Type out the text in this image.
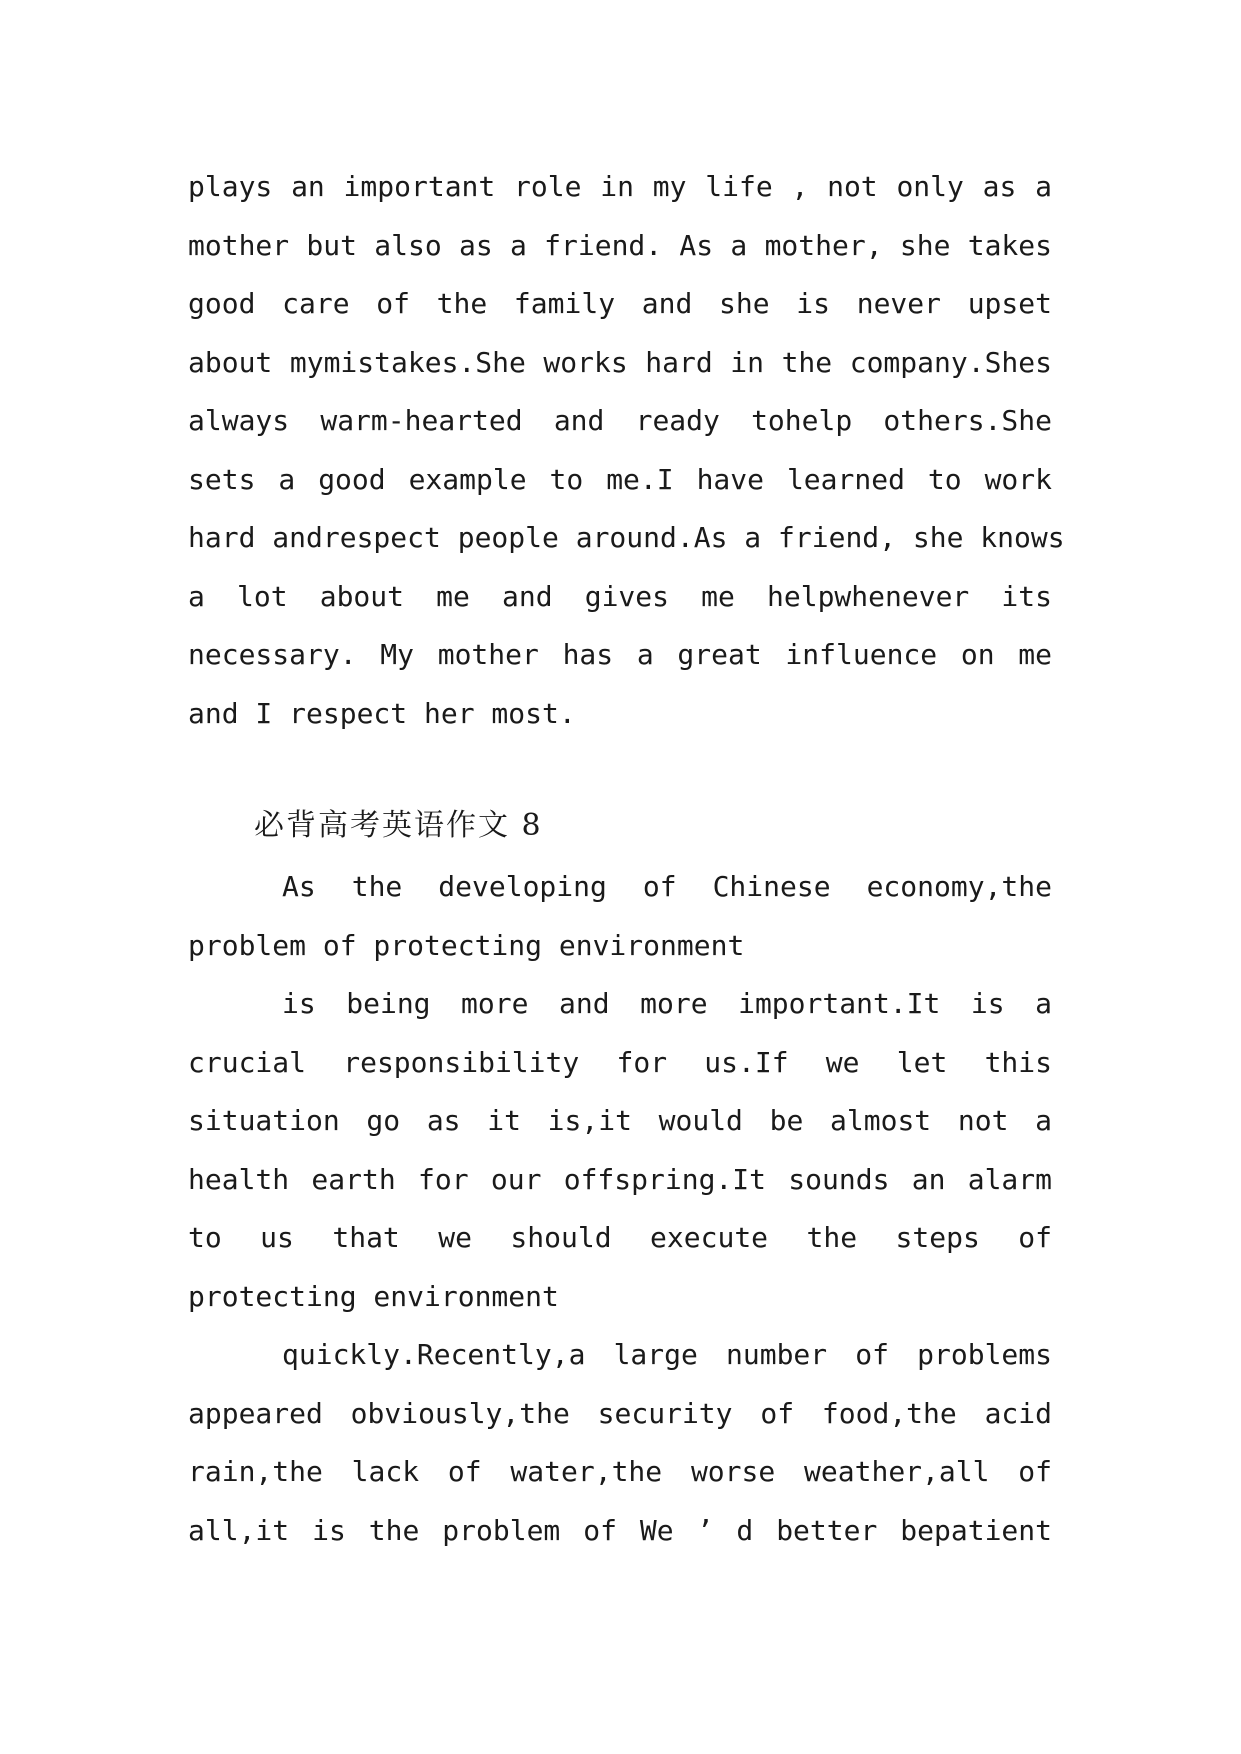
plays an important role in my life , not only as a
mother but also as a friend. As a mother, she takes
good care of the family and she is never upset
about mymistakes.She works hard in the company.Shes
always warm-hearted and ready tohelp others.She
sets a good example to me.I have learned to work
hard andrespect people around.As a friend, she knows
a lot about me and gives me helpwhenever its
necessary. My mother has a great influence on me
and I respect her most.
必背高考英语作文 8
As the developing of Chinese economy,the
problem of protecting environment
is being more and more important.It is a
crucial responsibility for us.If we let this
situation go as it is,it would be almost not a
health earth for our offspring.It sounds an alarm
to us that we should execute the steps of
protecting environment
quickly.Recently,a large number of problems
appeared obviously,the security of food,the acid
rain,the lack of water,the worse weather,all of
all,it is the problem of We ’ d better bepatient
